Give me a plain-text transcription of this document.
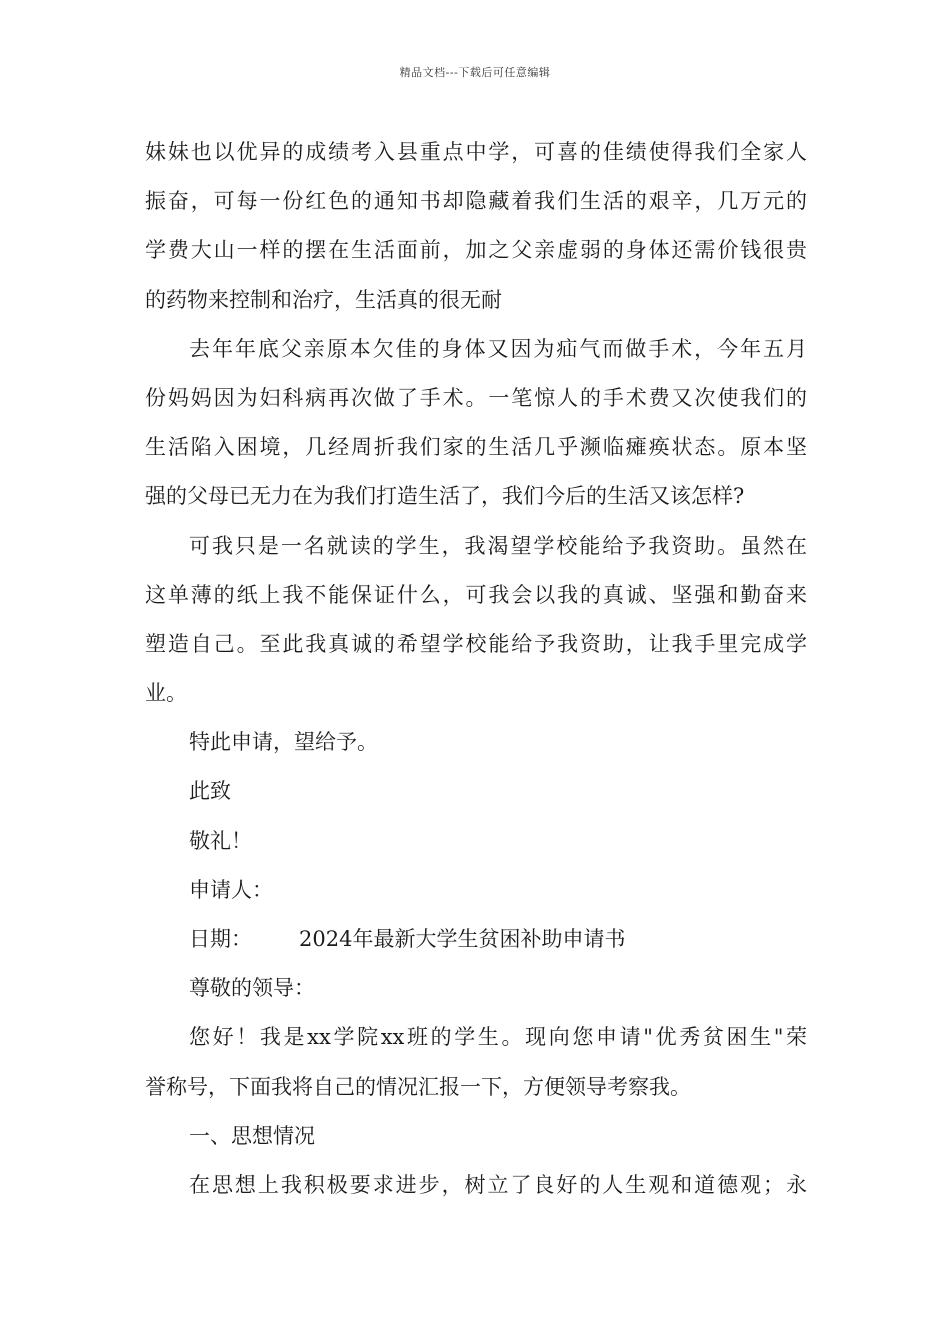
精品文档---下载后可任意编辑
妹妹也以优异的成绩考入县重点中学，可喜的佳绩使得我们全家人
振奋，可每一份红色的通知书却隐藏着我们生活的艰辛，几万元的
学费大山一样的摆在生活面前，加之父亲虚弱的身体还需价钱很贵
的药物来控制和治疗，生活真的很无耐
去年年底父亲原本欠佳的身体又因为疝气而做手术，今年五月
份妈妈因为妇科病再次做了手术。一笔惊人的手术费又次使我们的
生活陷入困境，几经周折我们家的生活几乎濒临瘫痪状态。原本坚
强的父母已无力在为我们打造生活了，我们今后的生活又该怎样?
可我只是一名就读的学生，我渴望学校能给予我资助。虽然在
这单薄的纸上我不能保证什么，可我会以我的真诚、坚强和勤奋来
塑造自己。至此我真诚的希望学校能给予我资助，让我手里完成学
业。
特此申请，望给予。
此致
敬礼！
申请人：
日期： 2024年最新大学生贫困补助申请书
尊敬的领导：
您好！我是xx学院xx班的学生。现向您申请"优秀贫困生"荣
誉称号，下面我将自己的情况汇报一下，方便领导考察我。
一、思想情况
在思想上我积极要求进步，树立了良好的人生观和道德观；永
